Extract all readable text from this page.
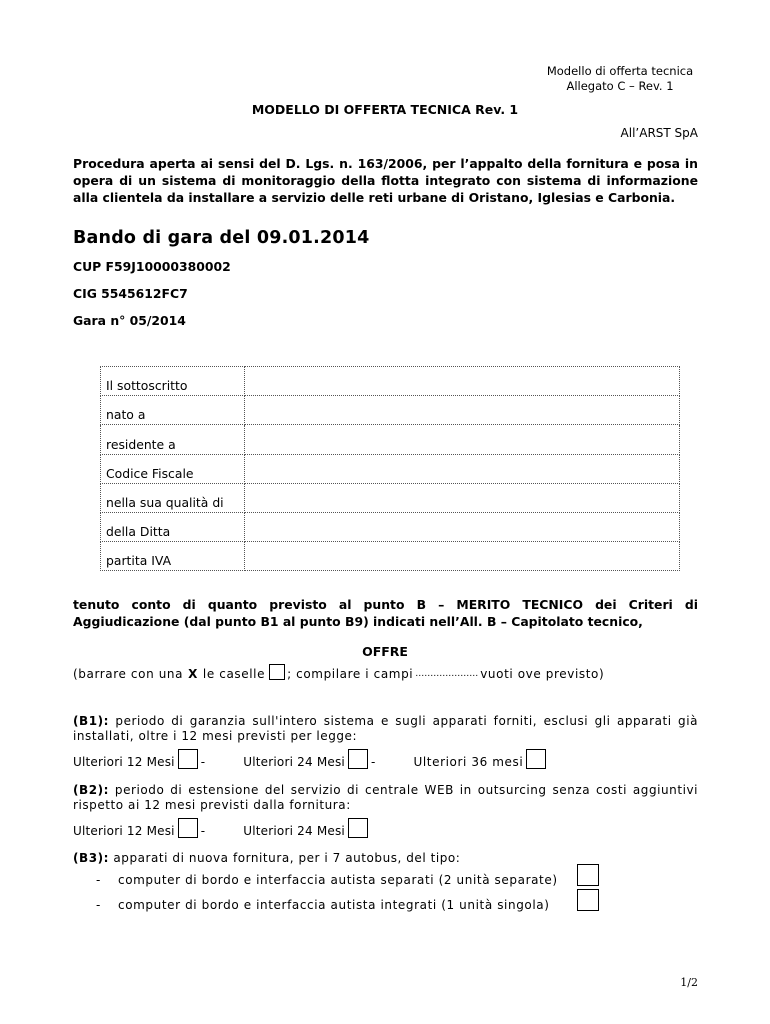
Modello di offerta tecnica
Allegato C – Rev. 1
MODELLO DI OFFERTA TECNICA Rev. 1
All’ARST SpA
Procedura aperta ai sensi del D. Lgs. n. 163/2006, per l’appalto della fornitura e posa in opera di un sistema di monitoraggio della flotta integrato con sistema di informazione alla clientela da installare a servizio delle reti urbane di Oristano, Iglesias e Carbonia.
Bando di gara del 09.01.2014
CUP F59J10000380002
CIG 5545612FC7
Gara n° 05/2014
Il sottoscritto	
nato a	
residente a	
Codice Fiscale	
nella sua qualità di	
della Ditta	
partita IVA	
tenuto conto di quanto previsto al punto B – MERITO TECNICO dei Criteri di Aggiudicazione (dal punto B1 al punto B9) indicati nell’All. B – Capitolato tecnico,
OFFRE
(barrare con una X le caselle ; compilare i campi ………………… vuoti ove previsto)
(B1): periodo di garanzia sull'intero sistema e sugli apparati forniti, esclusi gli apparati già installati, oltre i 12 mesi previsti per legge:
Ulteriori 12 Mesi -	Ulteriori 24 Mesi -	Ulteriori 36 mesi
(B2): periodo di estensione del servizio di centrale WEB in outsurcing senza costi aggiuntivi rispetto ai 12 mesi previsti dalla fornitura:
Ulteriori 12 Mesi -	Ulteriori 24 Mesi
(B3): apparati di nuova fornitura, per i 7 autobus, del tipo:
- computer di bordo e interfaccia autista separati (2 unità separate)
- computer di bordo e interfaccia autista integrati (1 unità singola)
1/2
